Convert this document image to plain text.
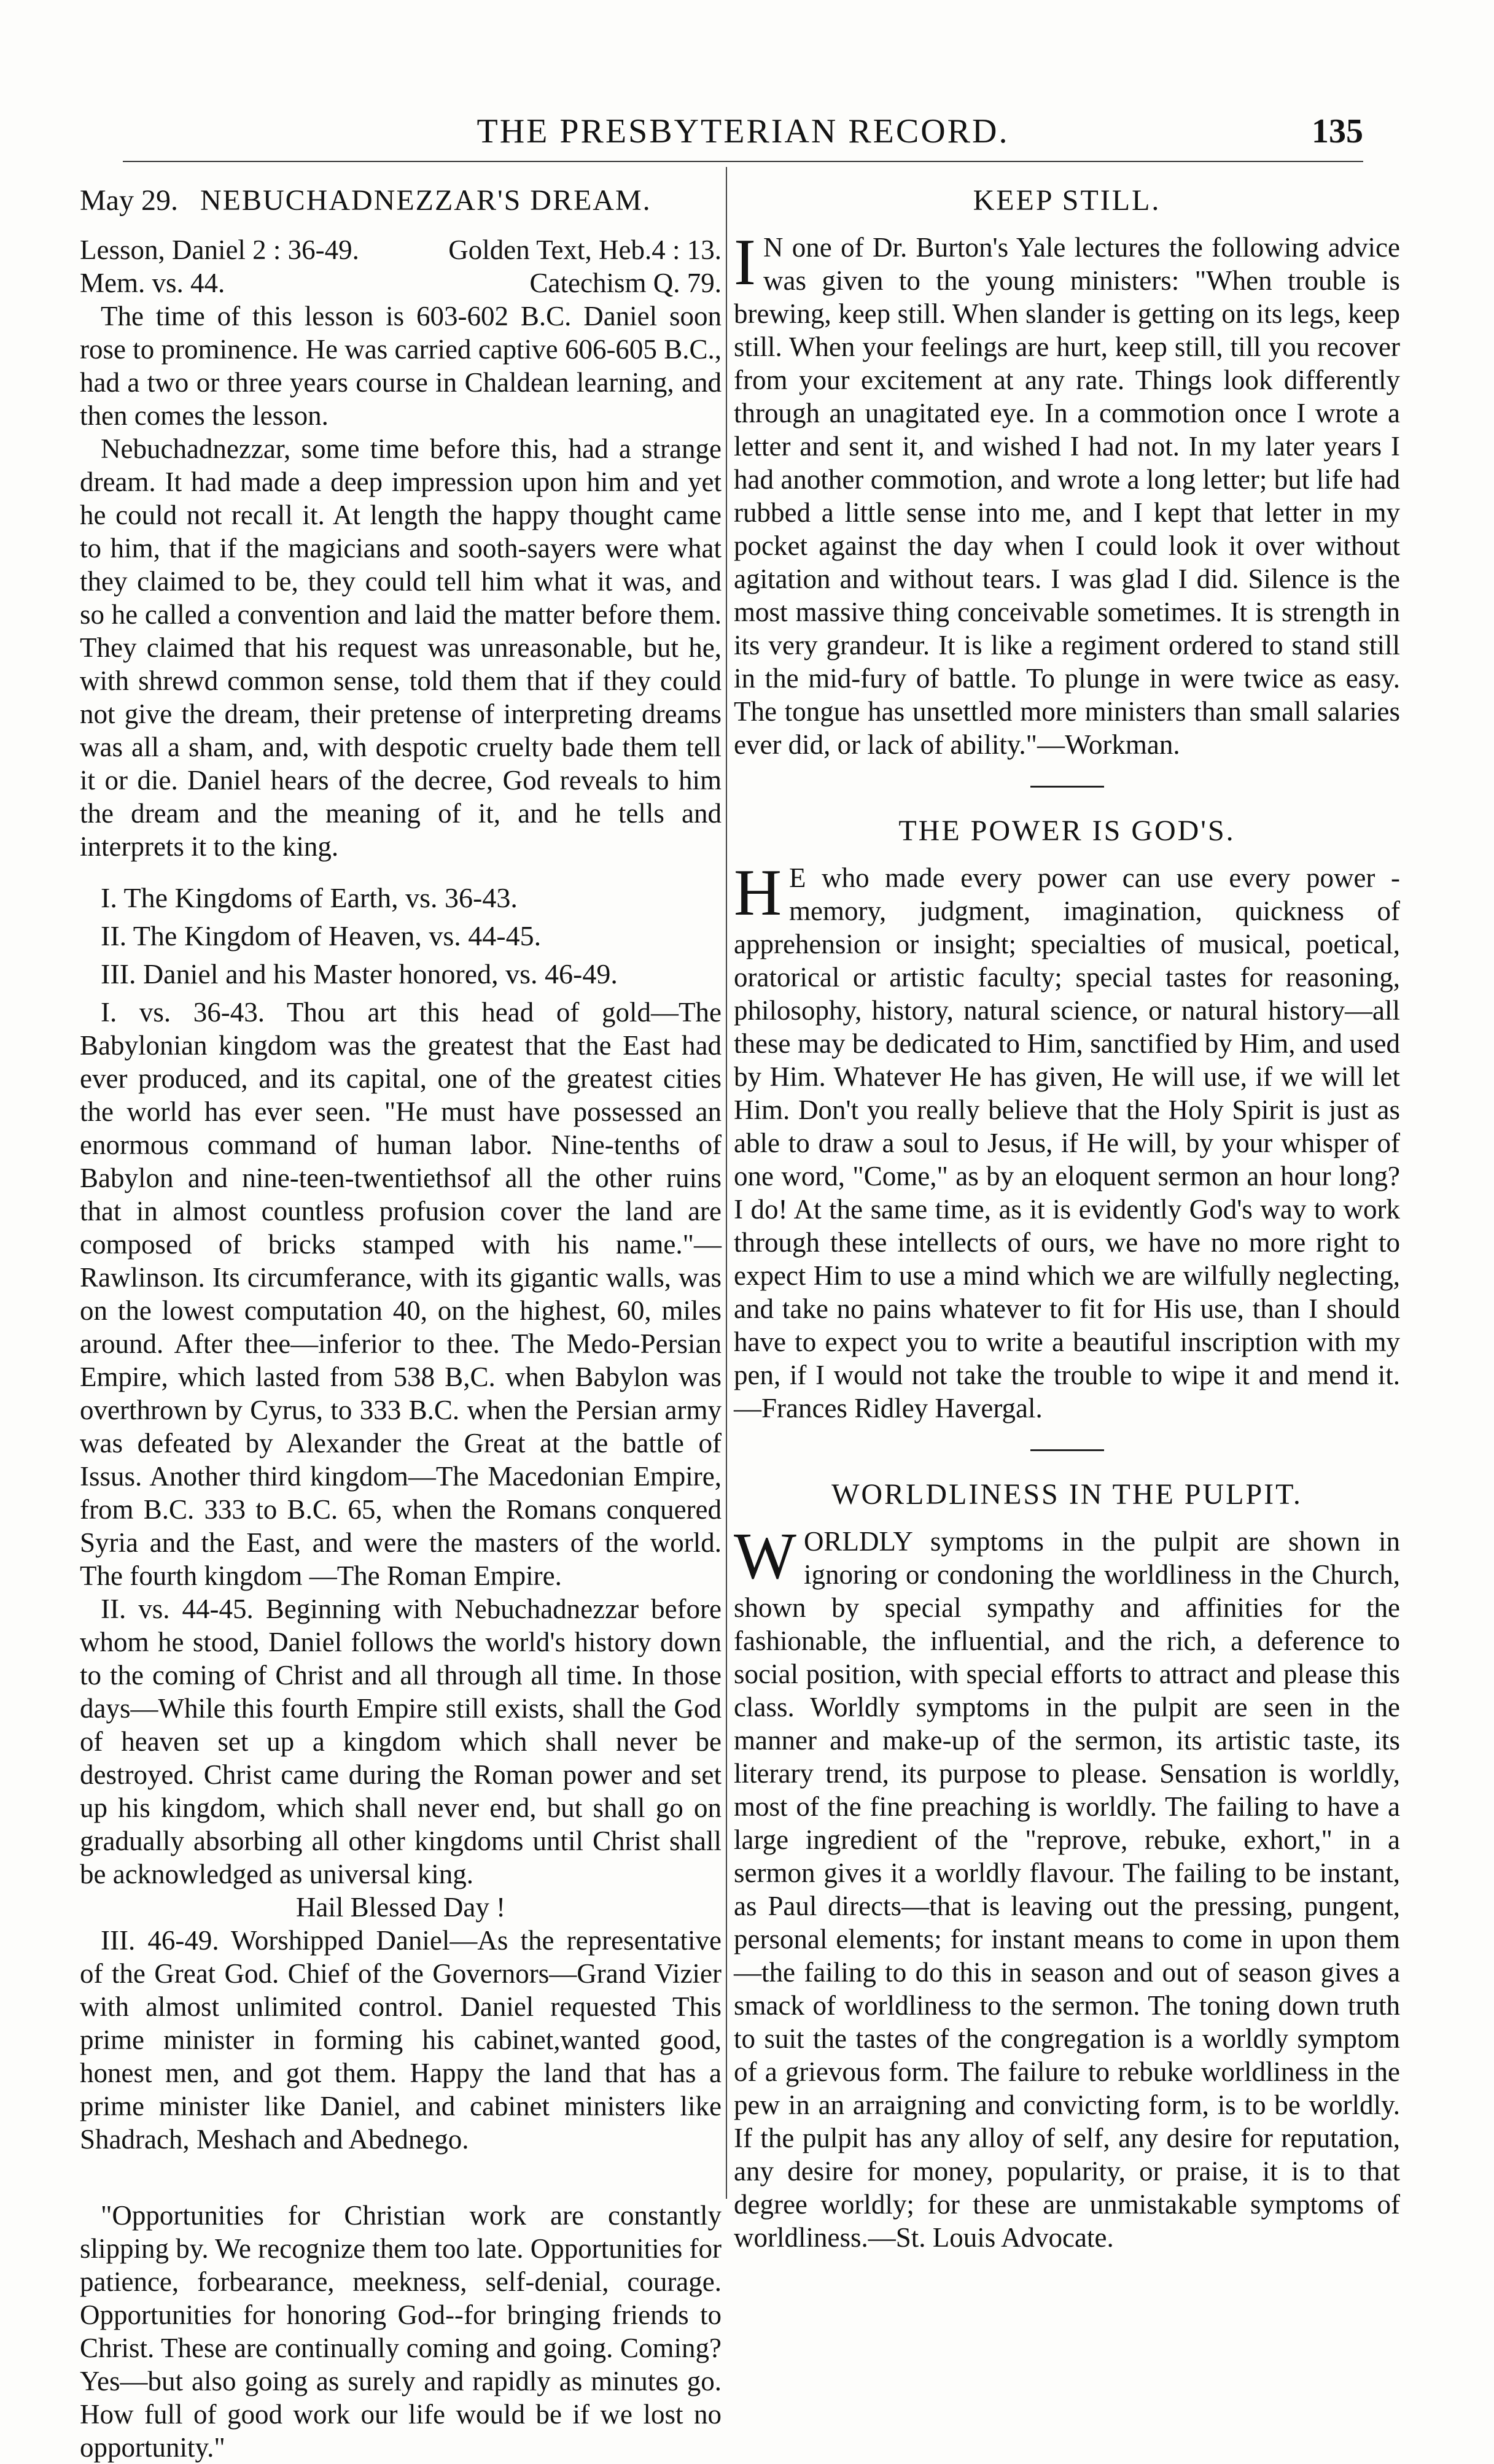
THE PRESBYTERIAN RECORD.	135
May 29. NEBUCHADNEZZAR'S DREAM.
Lesson, Daniel 2 : 36-49.	Golden Text, Heb.4 : 13.
Mem. vs. 44.	Catechism Q. 79.

The time of this lesson is 603-602 B.C. Daniel soon rose to prominence. He was carried captive 606-605 B.C., had a two or three years course in Chaldean learning, and then comes the lesson.

Nebuchadnezzar, some time before this, had a strange dream. It had made a deep impression upon him and yet he could not recall it. At length the happy thought came to him, that if the magicians and sooth-sayers were what they claimed to be, they could tell him what it was, and so he called a convention and laid the matter before them. They claimed that his request was unreasonable, but he, with shrewd common sense, told them that if they could not give the dream, their pretense of interpreting dreams was all a sham, and, with despotic cruelty bade them tell it or die. Daniel hears of the decree, God reveals to him the dream and the meaning of it, and he tells and interprets it to the king.

I. The Kingdoms of Earth, vs. 36-43.
II. The Kingdom of Heaven, vs. 44-45.
III. Daniel and his Master honored, vs. 46-49.

I. vs. 36-43. Thou art this head of gold—The Babylonian kingdom was the greatest that the East had ever produced, and its capital, one of the greatest cities the world has ever seen. "He must have possessed an enormous command of human labor. Nine-tenths of Babylon and nine-teen-twentiethsof all the other ruins that in almost countless profusion cover the land are composed of bricks stamped with his name."—Rawlinson. Its circumferance, with its gigantic walls, was on the lowest computation 40, on the highest, 60, miles around. After thee—inferior to thee. The Medo-Persian Empire, which lasted from 538 B,C. when Babylon was overthrown by Cyrus, to 333 B.C. when the Persian army was defeated by Alexander the Great at the battle of Issus. Another third kingdom—The Macedonian Empire, from B.C. 333 to B.C. 65, when the Romans conquered Syria and the East, and were the masters of the world. The fourth kingdom —The Roman Empire.

II. vs. 44-45. Beginning with Nebuchadnezzar before whom he stood, Daniel follows the world's history down to the coming of Christ and all through all time. In those days—While this fourth Empire still exists, shall the God of heaven set up a kingdom which shall never be destroyed. Christ came during the Roman power and set up his kingdom, which shall never end, but shall go on gradually absorbing all other kingdoms until Christ shall be acknowledged as universal king.

Hail Blessed Day !

III. 46-49. Worshipped Daniel—As the representative of the Great God. Chief of the Governors—Grand Vizier with almost unlimited control. Daniel requested This prime minister in forming his cabinet,wanted good, honest men, and got them. Happy the land that has a prime minister like Daniel, and cabinet ministers like Shadrach, Meshach and Abednego.

"Opportunities for Christian work are constantly slipping by. We recognize them too late. Opportunities for patience, forbearance, meekness, self-denial, courage. Opportunities for honoring God--for bringing friends to Christ. These are continually coming and going. Coming? Yes—but also going as surely and rapidly as minutes go. How full of good work our life would be if we lost no opportunity."

KEEP STILL.

I N one of Dr. Burton's Yale lectures the following advice was given to the young ministers: "When trouble is brewing, keep still. When slander is getting on its legs, keep still. When your feelings are hurt, keep still, till you recover from your excitement at any rate. Things look differently through an unagitated eye. In a commotion once I wrote a letter and sent it, and wished I had not. In my later years I had another commotion, and wrote a long letter; but life had rubbed a little sense into me, and I kept that letter in my pocket against the day when I could look it over without agitation and without tears. I was glad I did. Silence is the most massive thing conceivable sometimes. It is strength in its very grandeur. It is like a regiment ordered to stand still in the mid-fury of battle. To plunge in were twice as easy. The tongue has unsettled more ministers than small salaries ever did, or lack of ability."—Workman.

THE POWER IS GOD'S.

H E who made every power can use every power - memory, judgment, imagination, quickness of apprehension or insight; specialties of musical, poetical, oratorical or artistic faculty; special tastes for reasoning, philosophy, history, natural science, or natural history—all these may be dedicated to Him, sanctified by Him, and used by Him. Whatever He has given, He will use, if we will let Him. Don't you really believe that the Holy Spirit is just as able to draw a soul to Jesus, if He will, by your whisper of one word, "Come," as by an eloquent sermon an hour long? I do! At the same time, as it is evidently God's way to work through these intellects of ours, we have no more right to expect Him to use a mind which we are wilfully neglecting, and take no pains whatever to fit for His use, than I should have to expect you to write a beautiful inscription with my pen, if I would not take the trouble to wipe it and mend it.—Frances Ridley Havergal.

WORLDLINESS IN THE PULPIT.

WORLDLY symptoms in the pulpit are shown in ignoring or condoning the worldliness in the Church, shown by special sympathy and affinities for the fashionable, the influential, and the rich, a deference to social position, with special efforts to attract and please this class. Worldly symptoms in the pulpit are seen in the manner and make-up of the sermon, its artistic taste, its literary trend, its purpose to please. Sensation is worldly, most of the fine preaching is worldly. The failing to have a large ingredient of the "reprove, rebuke, exhort," in a sermon gives it a worldly flavour. The failing to be instant, as Paul directs—that is leaving out the pressing, pungent, personal elements; for instant means to come in upon them—the failing to do this in season and out of season gives a smack of worldliness to the sermon. The toning down truth to suit the tastes of the congregation is a worldly symptom of a grievous form. The failure to rebuke worldliness in the pew in an arraigning and convicting form, is to be worldly. If the pulpit has any alloy of self, any desire for reputation, any desire for money, popularity, or praise, it is to that degree worldly; for these are unmistakable symptoms of worldliness.—St. Louis Advocate.
